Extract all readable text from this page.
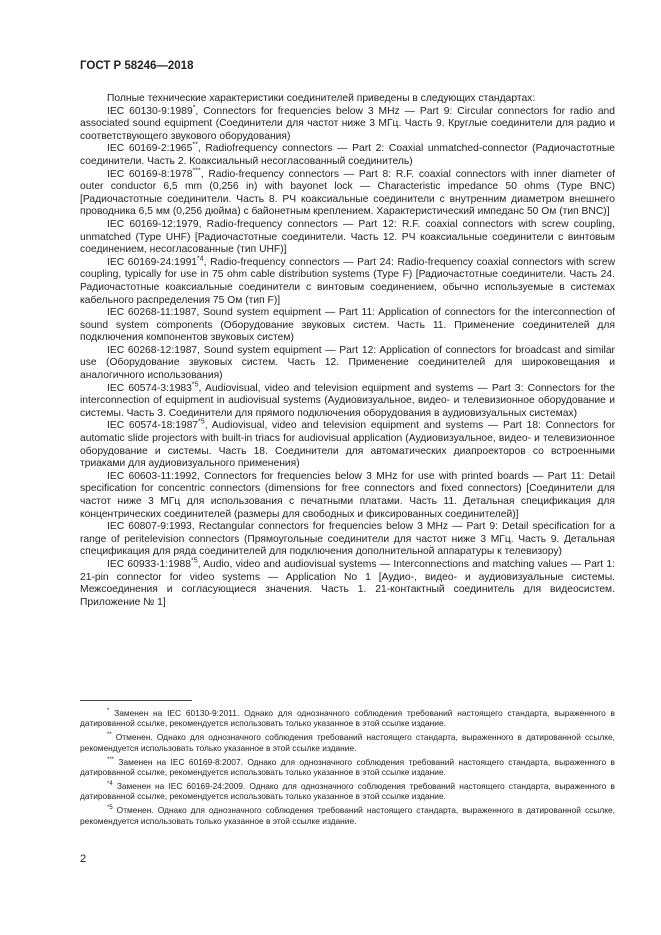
ГОСТ Р 58246—2018

Полные технические характеристики соединителей приведены в следующих стандартах:

IEC 60130-9:1989*, Connectors for frequencies below 3 MHz — Part 9: Circular connectors for radio and associated sound equipment (Соединители для частот ниже 3 МГц. Часть 9. Круглые соединители для радио и соответствующего звукового оборудования)

IEC 60169-2:1965**, Radiofrequency connectors — Part 2: Coaxial unmatched-connector (Радиочастотные соединители. Часть 2. Коаксиальный несогласованный соединитель)

IEC 60169-8:1978***, Radio-frequency connectors — Part 8: R.F. coaxial connectors with inner diameter of outer conductor 6,5 mm (0,256 in) with bayonet lock — Characteristic impedance 50 ohms (Type BNC) [Радиочастотные соединители. Часть 8. РЧ коаксиальные соединители с внутренним диаметром внешнего проводника 6,5 мм (0,256 дюйма) с байонетным креплением. Характеристический импеданс 50 Ом (тип BNC)]

IEC 60169-12:1979, Radio-frequency connectors — Part 12: R.F. coaxial connectors with screw coupling, unmatched (Type UHF) [Радиочастотные соединители. Часть 12. РЧ коаксиальные соединители с винтовым соединением, несогласованные (тип UHF)]

IEC 60169-24:1991$^{*4}$, Radio-frequency connectors — Part 24: Radio-frequency coaxial connectors with screw coupling, typically for use in 75 ohm cable distribution systems (Type F) [Радиочастотные соединители. Часть 24. Радиочастотные коаксиальные соединители с винтовым соединением, обычно используемые в системах кабельного распределения 75 Ом (тип F)]

IEC 60268-11:1987, Sound system equipment — Part 11: Application of connectors for the interconnection of sound system components (Оборудование звуковых систем. Часть 11. Применение соединителей для подключения компонентов звуковых систем)

IEC 60268-12:1987, Sound system equipment — Part 12: Application of connectors for broadcast and similar use (Оборудование звуковых систем. Часть 12. Применение соединителей для широковещания и аналогичного использования)

IEC 60574-3:1983$^{*5}$, Audiovisual, video and television equipment and systems — Part 3: Connectors for the interconnection of equipment in audiovisual systems (Аудиовизуальное, видео- и телевизионное оборудование и системы. Часть 3. Соединители для прямого подключения оборудования в аудиовизуальных системах)

IEC 60574-18:1987$^{*5}$, Audiovisual, video and television equipment and systems — Part 18: Connectors for automatic slide projectors with built-in triacs for audiovisual application (Аудиовизуальное, видео- и телевизионное оборудование и системы. Часть 18. Соединители для автоматических диапроекторов со встроенными триаками для аудиовизуального применения)

IEC 60603-11:1992, Connectors for frequencies below 3 MHz for use with printed boards — Part 11: Detail specification for concentric connectors (dimensions for free connectors and fixed connectors) [Соединители для частот ниже 3 МГц для использования с печатными платами. Часть 11. Детальная спецификация для концентрических соединителей (размеры для свободных и фиксированных соединителей)]

IEC 60807-9:1993, Rectangular connectors for frequencies below 3 MHz — Part 9: Detail specification for a range of peritelevision connectors (Прямоугольные соединители для частот ниже 3 МГц. Часть 9. Детальная спецификация для ряда соединителей для подключения дополнительной аппаратуры к телевизору)

IEC 60933-1:1988$^{*5}$, Audio, video and audiovisual systems — Interconnections and matching values — Part 1: 21-pin connector for video systems — Application No 1 [Аудио-, видео- и аудиовизуальные системы. Межсоединения и согласующиеся значения. Часть 1. 21-контактный соединитель для видеосистем. Приложение № 1]

* Заменен на IEC 60130-9:2011. Однако для однозначного соблюдения требований настоящего стандарта, выраженного в датированной ссылке, рекомендуется использовать только указанное в этой ссылке издание.

** Отменен. Однако для однозначного соблюдения требований настоящего стандарта, выраженного в датированной ссылке, рекомендуется использовать только указанное в этой ссылке издание.

*** Заменен на IEC 60169-8:2007. Однако для однозначного соблюдения требований настоящего стандарта, выраженного в датированной ссылке, рекомендуется использовать только указанное в этой ссылке издание.

$^{*4}$ Заменен на IEC 60169-24:2009. Однако для однозначного соблюдения требований настоящего стандарта, выраженного в датированной ссылке, рекомендуется использовать только указанное в этой ссылке издание.

$^{*5}$ Отменен. Однако для однозначного соблюдения требований настоящего стандарта, выраженного в датированной ссылке, рекомендуется использовать только указанное в этой ссылке издание.

2
